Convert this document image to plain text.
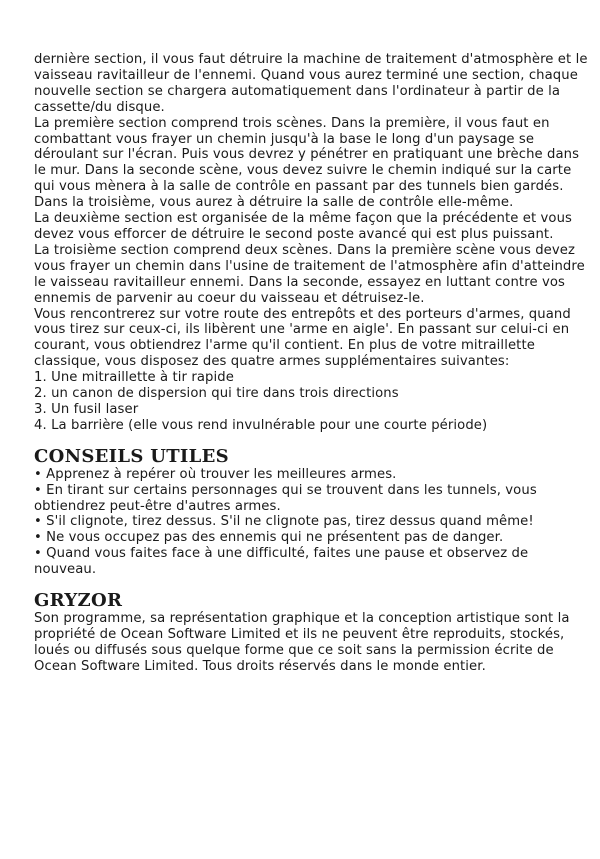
dernière section, il vous faut détruire la machine de traitement d'atmosphère et le vaisseau ravitailleur de l'ennemi. Quand vous aurez terminé une section, chaque nouvelle section se chargera automatiquement dans l'ordinateur à partir de la cassette/du disque.

La première section comprend trois scènes. Dans la première, il vous faut en combattant vous frayer un chemin jusqu'à la base le long d'un paysage se déroulant sur l'écran. Puis vous devrez y pénétrer en pratiquant une brèche dans le mur. Dans la seconde scène, vous devez suivre le chemin indiqué sur la carte qui vous mènera à la salle de contrôle en passant par des tunnels bien gardés. Dans la troisième, vous aurez à détruire la salle de contrôle elle-même.

La deuxième section est organisée de la même façon que la précédente et vous devez vous efforcer de détruire le second poste avancé qui est plus puissant.

La troisième section comprend deux scènes. Dans la première scène vous devez vous frayer un chemin dans l'usine de traitement de l'atmosphère afin d'atteindre le vaisseau ravitailleur ennemi. Dans la seconde, essayez en luttant contre vos ennemis de parvenir au coeur du vaisseau et détruisez-le.

Vous rencontrerez sur votre route des entrepôts et des porteurs d'armes, quand vous tirez sur ceux-ci, ils libèrent une 'arme en aigle'. En passant sur celui-ci en courant, vous obtiendrez l'arme qu'il contient. En plus de votre mitraillette classique, vous disposez des quatre armes supplémentaires suivantes:

1. Une mitraillette à tir rapide
2. un canon de dispersion qui tire dans trois directions
3. Un fusil laser
4. La barrière (elle vous rend invulnérable pour une courte période)
CONSEILS UTILES
• Apprenez à repérer où trouver les meilleures armes.
• En tirant sur certains personnages qui se trouvent dans les tunnels, vous obtiendrez peut-être d'autres armes.
• S'il clignote, tirez dessus. S'il ne clignote pas, tirez dessus quand même!
• Ne vous occupez pas des ennemis qui ne présentent pas de danger.
• Quand vous faites face à une difficulté, faites une pause et observez de nouveau.
GRYZOR

Son programme, sa représentation graphique et la conception artistique sont la propriété de Ocean Software Limited et ils ne peuvent être reproduits, stockés, loués ou diffusés sous quelque forme que ce soit sans la permission écrite de Ocean Software Limited. Tous droits réservés dans le monde entier.
